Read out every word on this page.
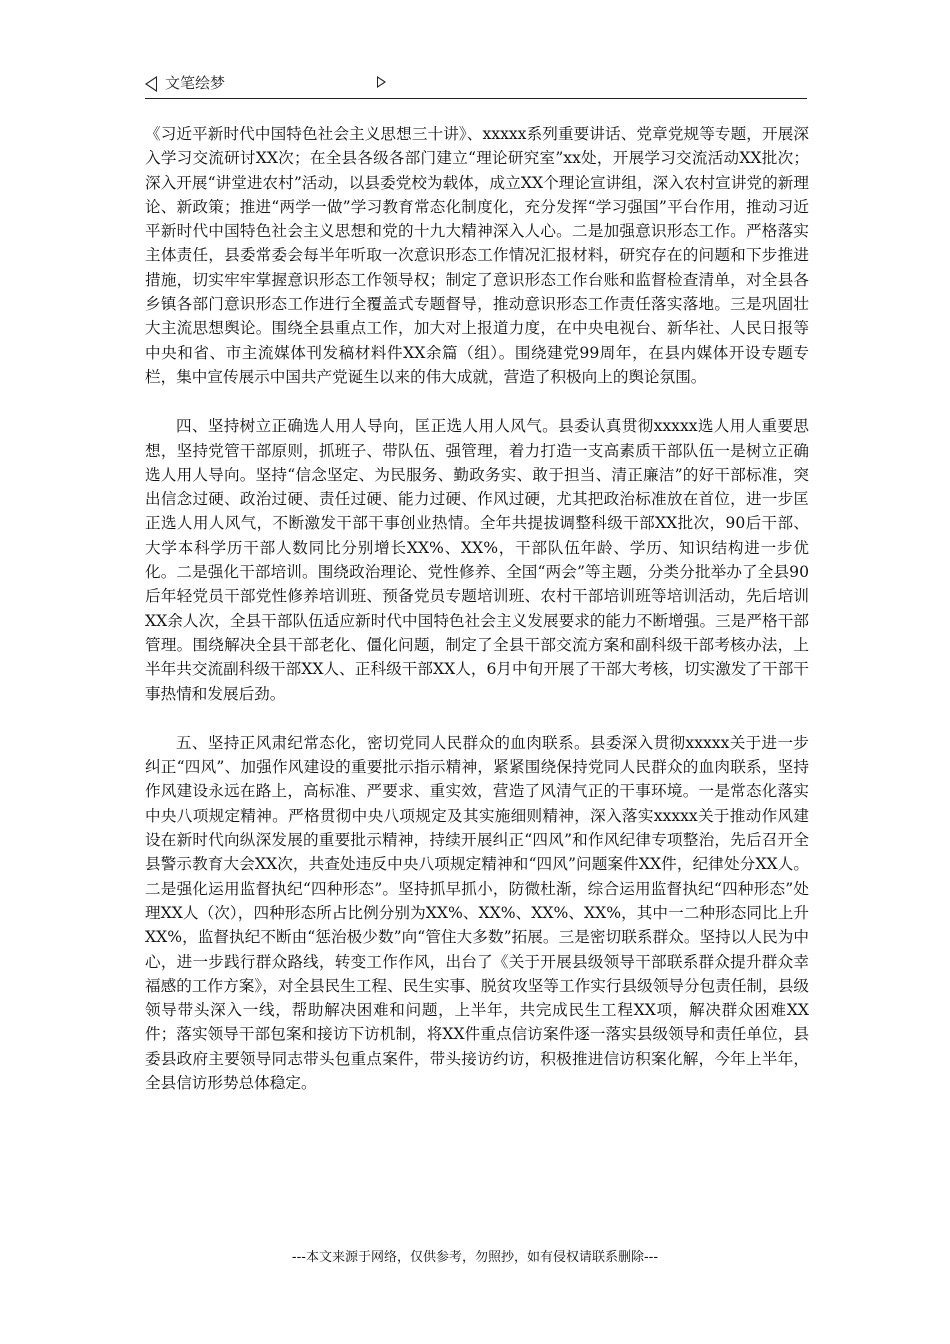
文笔绘梦

《习近平新时代中国特色社会主义思想三十讲》、xxxxx系列重要讲话、党章党规等专题，开展深入学习交流研讨XX次；在全县各级各部门建立“理论研究室”xx处，开展学习交流活动XX批次；深入开展“讲堂进农村”活动，以县委党校为载体，成立XX个理论宣讲组，深入农村宣讲党的新理论、新政策；推进“两学一做”学习教育常态化制度化，充分发挥“学习强国”平台作用，推动习近平新时代中国特色社会主义思想和党的十九大精神深入人心。二是加强意识形态工作。严格落实主体责任，县委常委会每半年听取一次意识形态工作情况汇报材料，研究存在的问题和下步推进措施，切实牢牢掌握意识形态工作领导权；制定了意识形态工作台账和监督检查清单，对全县各乡镇各部门意识形态工作进行全覆盖式专题督导，推动意识形态工作责任落实落地。三是巩固壮大主流思想舆论。围绕全县重点工作，加大对上报道力度，在中央电视台、新华社、人民日报等中央和省、市主流媒体刊发稿材料件XX余篇（组）。围绕建党99周年，在县内媒体开设专题专栏，集中宣传展示中国共产党诞生以来的伟大成就，营造了积极向上的舆论氛围。

四、坚持树立正确选人用人导向，匡正选人用人风气。县委认真贯彻xxxxx选人用人重要思想，坚持党管干部原则，抓班子、带队伍、强管理，着力打造一支高素质干部队伍一是树立正确选人用人导向。坚持“信念坚定、为民服务、勤政务实、敢于担当、清正廉洁”的好干部标准，突出信念过硬、政治过硬、责任过硬、能力过硬、作风过硬，尤其把政治标准放在首位，进一步匡正选人用人风气，不断激发干部干事创业热情。全年共提拔调整科级干部XX批次，90后干部、大学本科学历干部人数同比分别增长XX%、XX%，干部队伍年龄、学历、知识结构进一步优化。二是强化干部培训。围绕政治理论、党性修养、全国“两会”等主题，分类分批举办了全县90后年轻党员干部党性修养培训班、预备党员专题培训班、农村干部培训班等培训活动，先后培训XX余人次，全县干部队伍适应新时代中国特色社会主义发展要求的能力不断增强。三是严格干部管理。围绕解决全县干部老化、僵化问题，制定了全县干部交流方案和副科级干部考核办法，上半年共交流副科级干部XX人、正科级干部XX人，6月中旬开展了干部大考核，切实激发了干部干事热情和发展后劲。

五、坚持正风肃纪常态化，密切党同人民群众的血肉联系。县委深入贯彻xxxxx关于进一步纠正“四风”、加强作风建设的重要批示指示精神，紧紧围绕保持党同人民群众的血肉联系，坚持作风建设永远在路上，高标准、严要求、重实效，营造了风清气正的干事环境。一是常态化落实中央八项规定精神。严格贯彻中央八项规定及其实施细则精神，深入落实xxxxx关于推动作风建设在新时代向纵深发展的重要批示精神，持续开展纠正“四风”和作风纪律专项整治，先后召开全县警示教育大会XX次，共查处违反中央八项规定精神和“四风”问题案件XX件，纪律处分XX人。二是强化运用监督执纪“四种形态”。坚持抓早抓小，防微杜渐，综合运用监督执纪“四种形态”处理XX人（次），四种形态所占比例分别为XX%、XX%、XX%、XX%，其中一二种形态同比上升XX%，监督执纪不断由“惩治极少数”向“管住大多数”拓展。三是密切联系群众。坚持以人民为中心，进一步践行群众路线，转变工作作风，出台了《关于开展县级领导干部联系群众提升群众幸福感的工作方案》，对全县民生工程、民生实事、脱贫攻坚等工作实行县级领导分包责任制，县级领导带头深入一线，帮助解决困难和问题，上半年，共完成民生工程XX项，解决群众困难XX件；落实领导干部包案和接访下访机制，将XX件重点信访案件逐一落实县级领导和责任单位，县委县政府主要领导同志带头包重点案件，带头接访约访，积极推进信访积案化解，今年上半年，全县信访形势总体稳定。

---本文来源于网络，仅供参考，勿照抄，如有侵权请联系删除---
